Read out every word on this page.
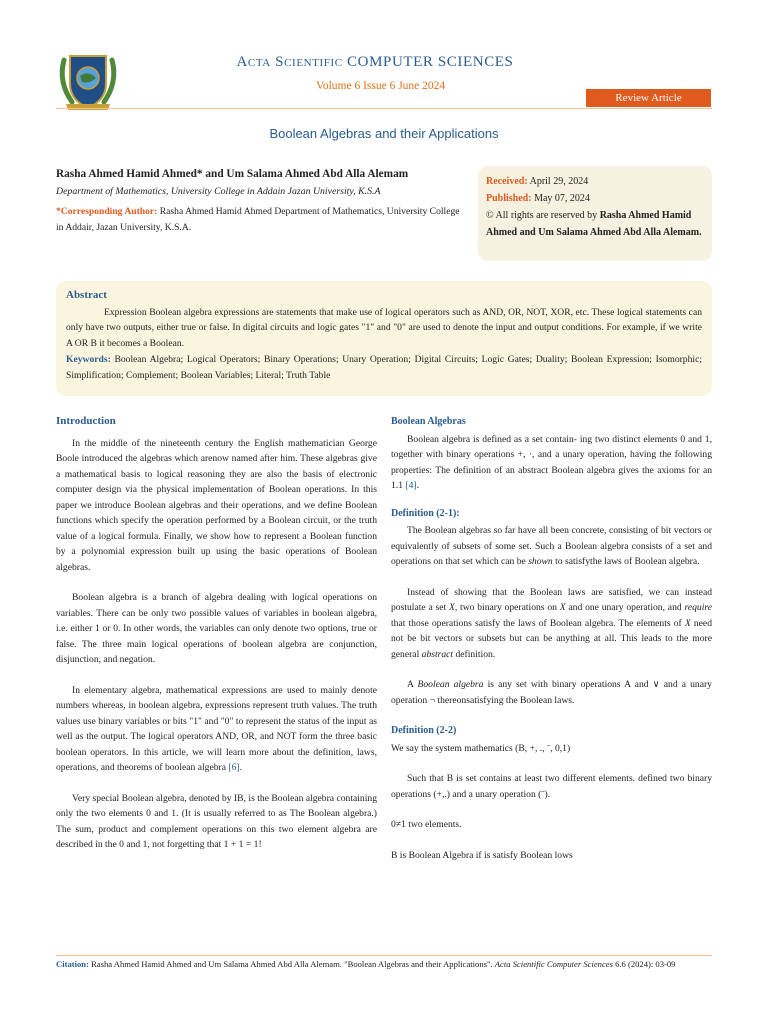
Acta Scientific COMPUTER SCIENCES
Volume 6 Issue 6 June 2024
Review Article
Boolean Algebras and their Applications
Rasha Ahmed Hamid Ahmed* and Um Salama Ahmed Abd Alla Alemam
Department of Mathematics, University College in Addain Jazan University, K.S.A
*Corresponding Author: Rasha Ahmed Hamid Ahmed Department of Mathematics, University College in Addair, Jazan University, K.S.A.
Received: April 29, 2024
Published: May 07, 2024
© All rights are reserved by Rasha Ahmed Hamid Ahmed and Um Salama Ahmed Abd Alla Alemam.
Abstract

Expression Boolean algebra expressions are statements that make use of logical operators such as AND, OR, NOT, XOR, etc. These logical statements can only have two outputs, either true or false. In digital circuits and logic gates "1" and "0" are used to denote the input and output conditions. For example, if we write A OR B it becomes a Boolean.

Keywords: Boolean Algebra; Logical Operators; Binary Operations; Unary Operation; Digital Circuits; Logic Gates; Duality; Boolean Expression; Isomorphic; Simplification; Complement; Boolean Variables; Literal; Truth Table

Introduction

In the middle of the nineteenth century the English mathematician George Boole introduced the algebras which arenow named after him. These algebras give a mathematical basis to logical reasoning they are also the basis of electronic computer design via the physical implementation of Boolean operations. In this paper we introduce Boolean algebras and their operations, and we define Boolean functions which specify the operation performed by a Boolean circuit, or the truth value of a logical formula. Finally, we show how to represent a Boolean function by a polynomial expression built up using the basic operations of Boolean algebras.

Boolean algebra is a branch of algebra dealing with logical operations on variables. There can be only two possible values of variables in boolean algebra, i.e. either 1 or 0. In other words, the variables can only denote two options, true or false. The three main logical operations of boolean algebra are conjunction, disjunction, and negation.

In elementary algebra, mathematical expressions are used to mainly denote numbers whereas, in boolean algebra, expressions represent truth values. The truth values use binary variables or bits "1" and "0" to represent the status of the input as well as the output. The logical operators AND, OR, and NOT form the three basic boolean operators. In this article, we will learn more about the definition, laws, operations, and theorems of boolean algebra [6].

Very special Boolean algebra, denoted by IB, is the Boolean algebra containing only the two elements 0 and 1. (It is usually referred to as The Boolean algebra.) The sum, product and complement operations on this two element algebra are described in the 0 and 1, not forgetting that 1 + 1 = 1!

Boolean Algebras

Boolean algebra is defined as a set contain- ing two distinct elements 0 and 1, together with binary operations +, ·, and a unary operation, having the following properties: The definition of an abstract Boolean algebra gives the axioms for an 1.1 [4].

Definition (2-1):

The Boolean algebras so far have all been concrete, consisting of bit vectors or equivalently of subsets of some set. Such a Boolean algebra consists of a set and operations on that set which can be shown to satisfythe laws of Boolean algebra.

Instead of showing that the Boolean laws are satisfied, we can instead postulate a set X, two binary operations on X and one unary operation, and require that those operations satisfy the laws of Boolean algebra. The elements of X need not be bit vectors or subsets but can be anything at all. This leads to the more general abstract definition.

A Boolean algebra is any set with binary operations A and ∨ and a unary operation ¬ thereonsatisfying the Boolean laws.

Definition (2-2)

We say the system mathematics (B, +, ., ˉ, 0,1)

Such that B is set contains at least two different elements. defined two binary operations (+,.) and a unary operation (ˉ).

0≠1 two elements.

B is Boolean Algebra if is satisfy Boolean lows

Citation: Rasha Ahmed Hamid Ahmed and Um Salama Ahmed Abd Alla Alemam. "Boolean Algebras and their Applications". Acta Scientific Computer Sciences 6.6 (2024): 03-09
